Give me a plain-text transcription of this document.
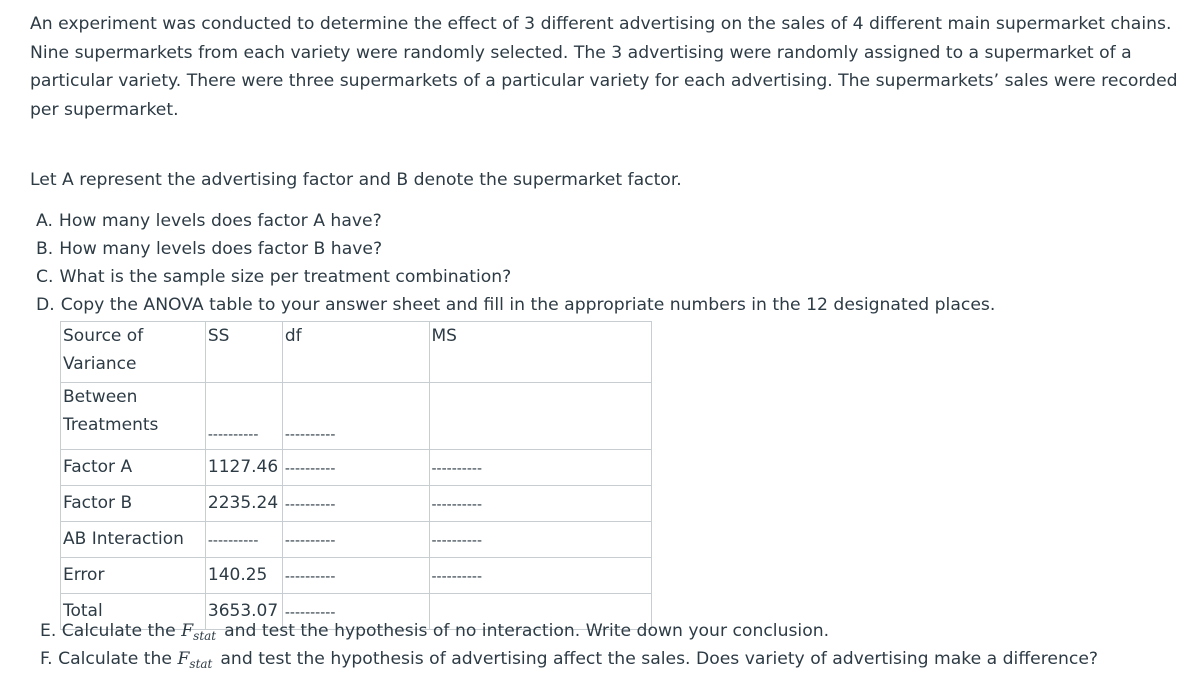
An experiment was conducted to determine the effect of 3 different advertising on the sales of 4 different main supermarket chains. Nine supermarkets from each variety were randomly selected. The 3 advertising were randomly assigned to a supermarket of a particular variety. There were three supermarkets of a particular variety for each advertising. The supermarkets’ sales were recorded per supermarket.

Let A represent the advertising factor and B denote the supermarket factor.

A. How many levels does factor A have?
B. How many levels does factor B have?
C. What is the sample size per treatment combination?
D. Copy the ANOVA table to your answer sheet and fill in the appropriate numbers in the 12 designated places.
Source of Variance	SS	df	MS
Between Treatments	----------	----------	
Factor A	1127.46	----------	----------
Factor B	2235.24	----------	----------
AB Interaction	----------	----------	----------
Error	140.25	----------	----------
Total	3653.07	----------	
E. Calculate the $F_{stat}$ and test the hypothesis of no interaction. Write down your conclusion.
F. Calculate the $F_{stat}$ and test the hypothesis of advertising affect the sales. Does variety of advertising make a difference?
